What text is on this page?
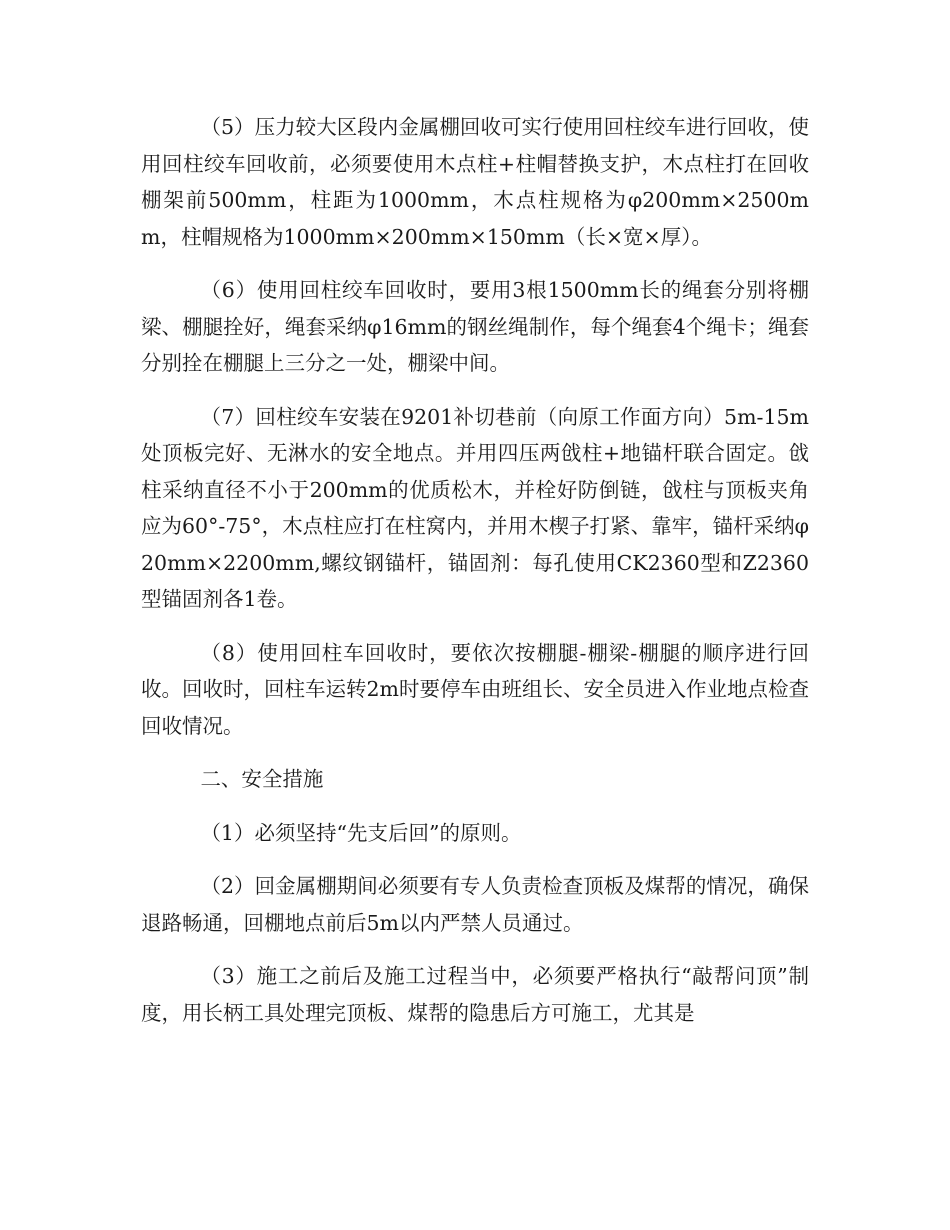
（5）压力较大区段内金属棚回收可实行使用回柱绞车进行回收，使用回柱绞车回收前，必须要使用木点柱+柱帽替换支护，木点柱打在回收棚架前500mm，柱距为1000mm，木点柱规格为φ200mm×2500mm，柱帽规格为1000mm×200mm×150mm（长×宽×厚）。

（6）使用回柱绞车回收时，要用3根1500mm长的绳套分别将棚梁、棚腿拴好，绳套采纳φ16mm的钢丝绳制作，每个绳套4个绳卡；绳套分别拴在棚腿上三分之一处，棚梁中间。

（7）回柱绞车安装在9201补切巷前（向原工作面方向）5m-15m处顶板完好、无淋水的安全地点。并用四压两戗柱+地锚杆联合固定。戗柱采纳直径不小于200mm的优质松木，并栓好防倒链，戗柱与顶板夹角应为60°-75°，木点柱应打在柱窝内，并用木楔子打紧、靠牢，锚杆采纳φ20mm×2200mm,螺纹钢锚杆，锚固剂：每孔使用CK2360型和Z2360型锚固剂各1卷。

（8）使用回柱车回收时，要依次按棚腿-棚梁-棚腿的顺序进行回收。回收时，回柱车运转2m时要停车由班组长、安全员进入作业地点检查回收情况。

二、安全措施

（1）必须坚持“先支后回”的原则。

（2）回金属棚期间必须要有专人负责检查顶板及煤帮的情况，确保退路畅通，回棚地点前后5m以内严禁人员通过。

（3）施工之前后及施工过程当中，必须要严格执行“敲帮问顶”制度，用长柄工具处理完顶板、煤帮的隐患后方可施工，尤其是
